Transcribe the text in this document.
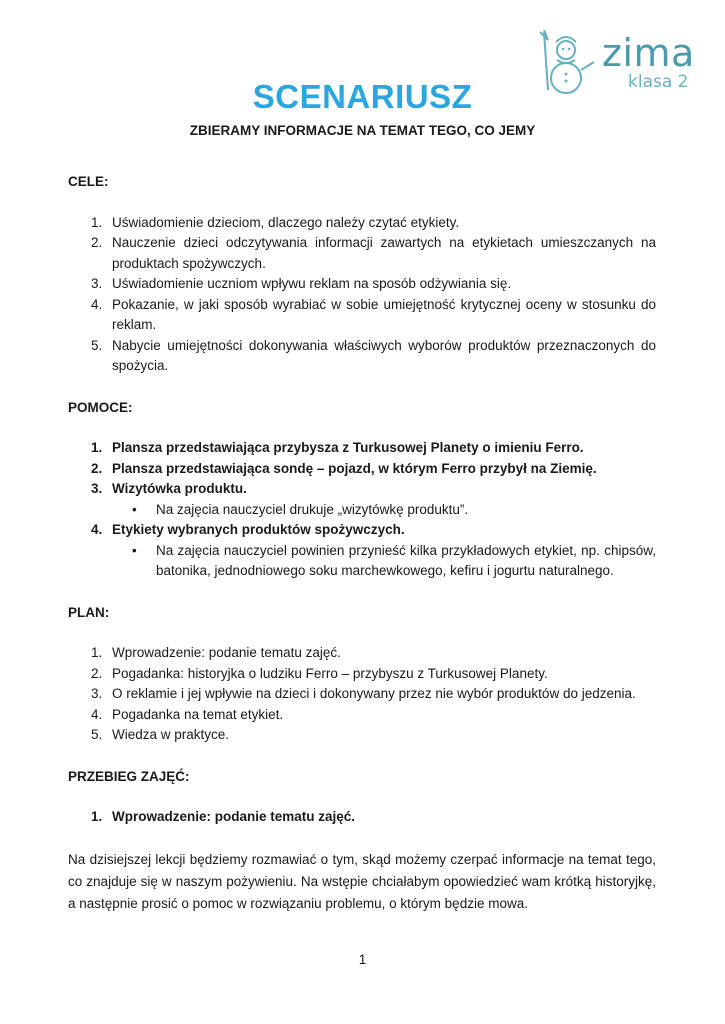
zima
klasa 2
SCENARIUSZ
ZBIERAMY INFORMACJE NA TEMAT TEGO, CO JEMY

CELE:

1. Uświadomienie dzieciom, dlaczego należy czytać etykiety.
2. Nauczenie dzieci odczytywania informacji zawartych na etykietach umieszczanych na produktach spożywczych.
3. Uświadomienie uczniom wpływu reklam na sposób odżywiania się.
4. Pokazanie, w jaki sposób wyrabiać w sobie umiejętność krytycznej oceny w stosunku do reklam.
5. Nabycie umiejętności dokonywania właściwych wyborów produktów przeznaczonych do spożycia.

POMOCE:

1. Plansza przedstawiająca przybysza z Turkusowej Planety o imieniu Ferro.
2. Plansza przedstawiająca sondę – pojazd, w którym Ferro przybył na Ziemię.
3. Wizytówka produktu.
• Na zajęcia nauczyciel drukuje „wizytówkę produktu”.
4. Etykiety wybranych produktów spożywczych.
• Na zajęcia nauczyciel powinien przynieść kilka przykładowych etykiet, np. chipsów, batonika, jednodniowego soku marchewkowego, kefiru i jogurtu naturalnego.

PLAN:

1. Wprowadzenie: podanie tematu zajęć.
2. Pogadanka: historyjka o ludziku Ferro – przybyszu z Turkusowej Planety.
3. O reklamie i jej wpływie na dzieci i dokonywany przez nie wybór produktów do jedzenia.
4. Pogadanka na temat etykiet.
5. Wiedza w praktyce.

PRZEBIEG ZAJĘĆ:

1. Wprowadzenie: podanie tematu zajęć.

Na dzisiejszej lekcji będziemy rozmawiać o tym, skąd możemy czerpać informacje na temat tego, co znajduje się w naszym pożywieniu. Na wstępie chciałabym opowiedzieć wam krótką historyjkę, a następnie prosić o pomoc w rozwiązaniu problemu, o którym będzie mowa.

1
